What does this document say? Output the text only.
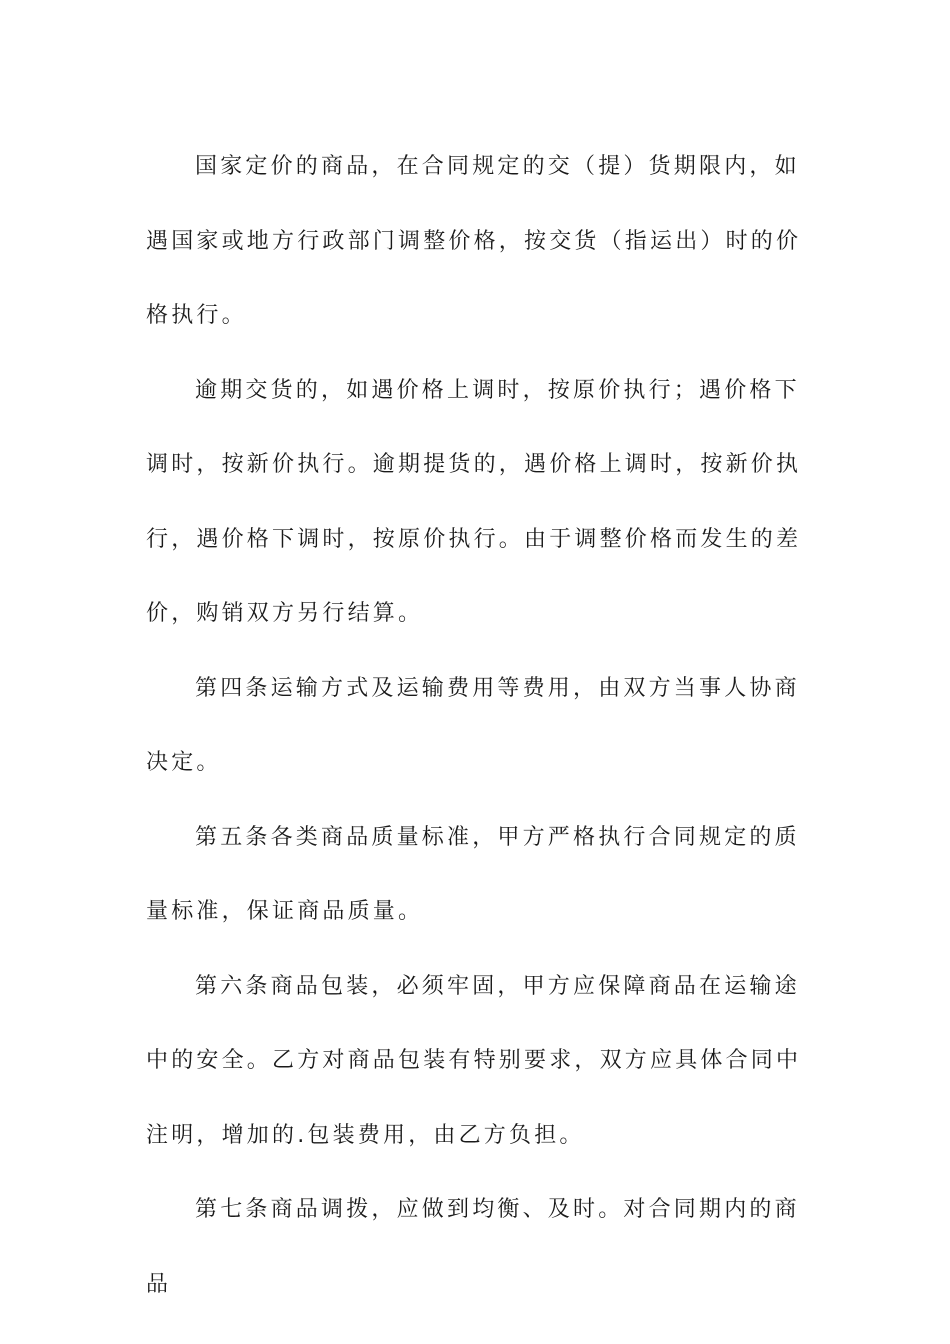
国家定价的商品，在合同规定的交（提）货期限内，如遇国家或地方行政部门调整价格，按交货（指运出）时的价格执行。

逾期交货的，如遇价格上调时，按原价执行；遇价格下调时，按新价执行。逾期提货的，遇价格上调时，按新价执行，遇价格下调时，按原价执行。由于调整价格而发生的差价，购销双方另行结算。

第四条运输方式及运输费用等费用，由双方当事人协商决定。

第五条各类商品质量标准，甲方严格执行合同规定的质量标准，保证商品质量。

第六条商品包装，必须牢固，甲方应保障商品在运输途中的安全。乙方对商品包装有特别要求，双方应具体合同中注明，增加的.包装费用，由乙方负担。

第七条商品调拨，应做到均衡、及时。对合同期内的商品
